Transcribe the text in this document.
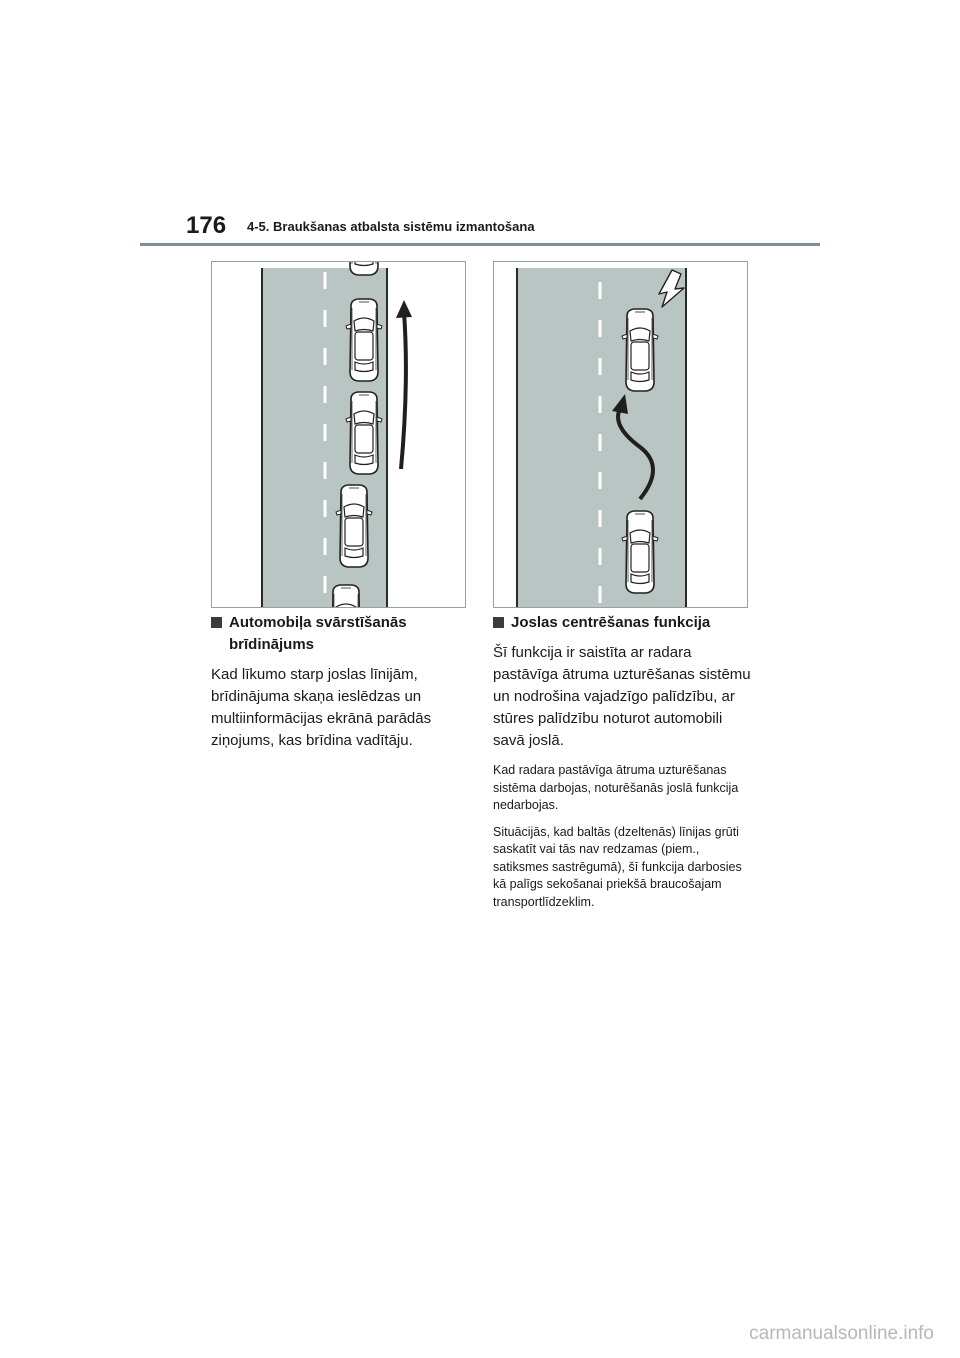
176 4-5. Braukšanas atbalsta sistēmu izmantošana
Automobiļa svārstīšanās brīdinājums

Kad līkumo starp joslas līnijām, brīdinājuma skaņa ieslēdzas un multiinformācijas ekrānā parādās ziņojums, kas brīdina vadītāju.

Joslas centrēšanas funkcija

Šī funkcija ir saistīta ar radara pastāvīga ātruma uzturēšanas sistēmu un nodrošina vajadzīgo palīdzību, ar stūres palīdzību noturot automobili savā joslā.

Kad radara pastāvīga ātruma uzturēšanas sistēma darbojas, noturēšanās joslā funkcija nedarbojas.

Situācijās, kad baltās (dzeltenās) līnijas grūti saskatīt vai tās nav redzamas (piem., satiksmes sastrēgumā), šī funkcija darbosies kā palīgs sekošanai priekšā braucošajam transportlīdzeklim.

carmanualsonline.info
